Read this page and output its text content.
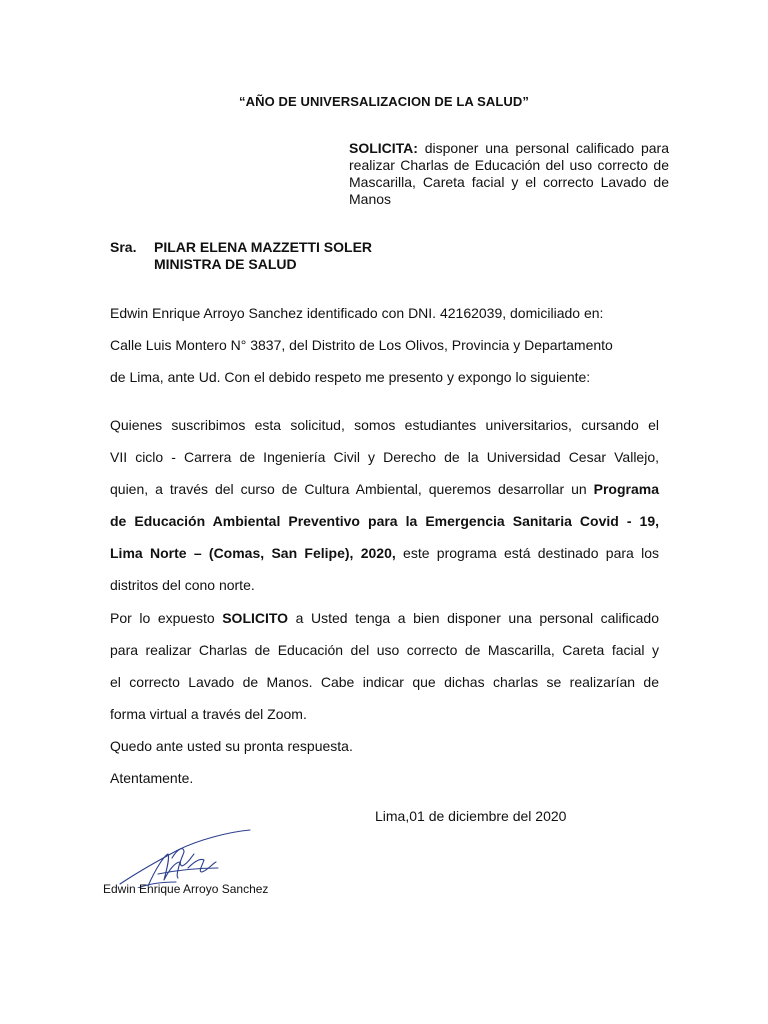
“AÑO DE UNIVERSALIZACION DE LA SALUD”
SOLICITA: disponer una personal calificado para realizar Charlas de Educación del uso correcto de Mascarilla, Careta facial y el correcto Lavado de Manos
Sra. PILAR ELENA MAZZETTI SOLER
MINISTRA DE SALUD
Edwin Enrique Arroyo Sanchez identificado con DNI. 42162039, domiciliado en:
Calle Luis Montero N° 3837, del Distrito de Los Olivos, Provincia y Departamento
de Lima, ante Ud. Con el debido respeto me presento y expongo lo siguiente:
Quienes suscribimos esta solicitud, somos estudiantes universitarios, cursando el
VII ciclo - Carrera de Ingeniería Civil y Derecho de la Universidad Cesar Vallejo,
quien, a través del curso de Cultura Ambiental, queremos desarrollar un Programa
de Educación Ambiental Preventivo para la Emergencia Sanitaria Covid - 19,
Lima Norte – (Comas, San Felipe), 2020, este programa está destinado para los
distritos del cono norte.
Por lo expuesto SOLICITO a Usted tenga a bien disponer una personal calificado
para realizar Charlas de Educación del uso correcto de Mascarilla, Careta facial y
el correcto Lavado de Manos. Cabe indicar que dichas charlas se realizarían de
forma virtual a través del Zoom.
Quedo ante usted su pronta respuesta.
Atentamente.
Lima,01 de diciembre del 2020
Edwin Enrique Arroyo Sanchez
